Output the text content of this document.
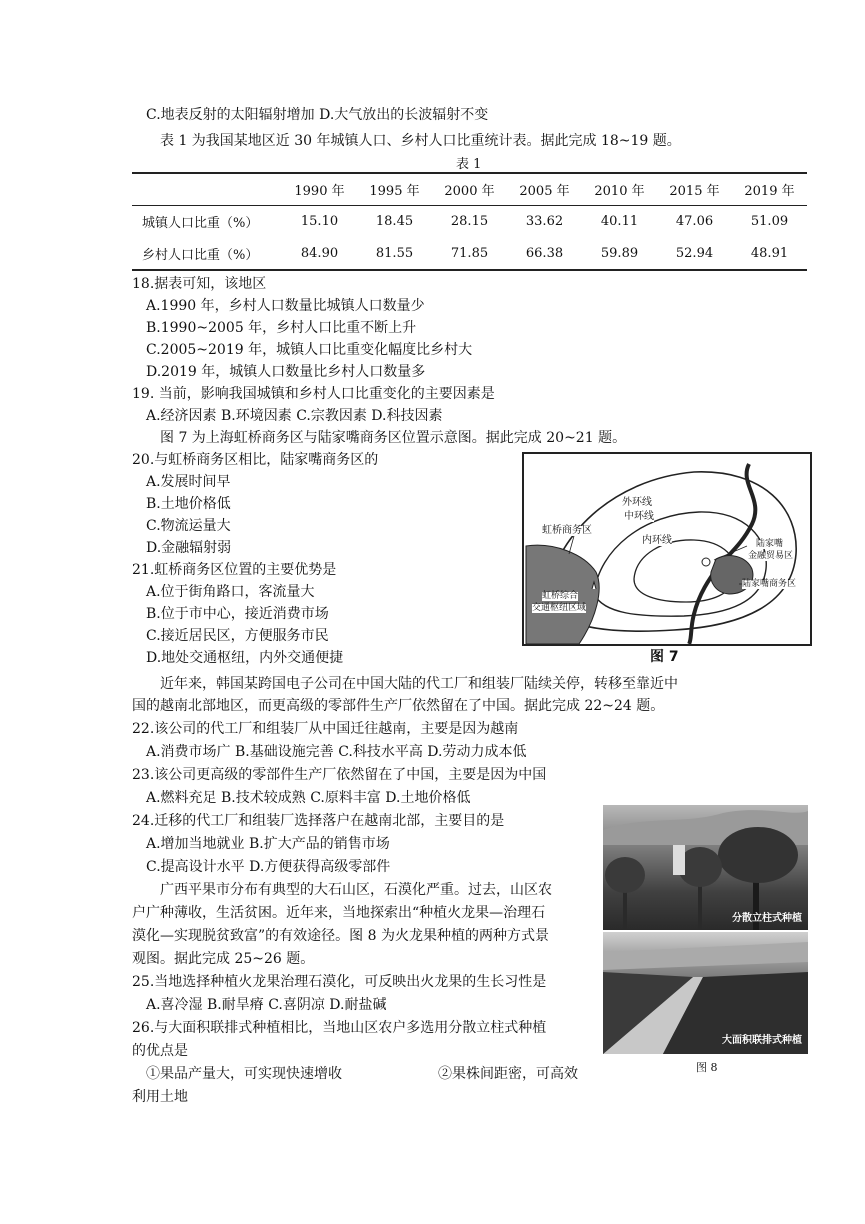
C.地表反射的太阳辐射增加 D.大气放出的长波辐射不变
表 1 为我国某地区近 30 年城镇人口、乡村人口比重统计表。据此完成 18~19 题。
表 1
	1990 年	1995 年	2000 年	2005 年	2010 年	2015 年	2019 年
城镇人口比重（%）	15.10	18.45	28.15	33.62	40.11	47.06	51.09
乡村人口比重（%）	84.90	81.55	71.85	66.38	59.89	52.94	48.91
18.据表可知，该地区
A.1990 年，乡村人口数量比城镇人口数量少
B.1990~2005 年，乡村人口比重不断上升
C.2005~2019 年，城镇人口比重变化幅度比乡村大
D.2019 年，城镇人口数量比乡村人口数量多
19. 当前，影响我国城镇和乡村人口比重变化的主要因素是
A.经济因素 B.环境因素 C.宗教因素 D.科技因素
图 7 为上海虹桥商务区与陆家嘴商务区位置示意图。据此完成 20~21 题。
20.与虹桥商务区相比，陆家嘴商务区的
A.发展时间早
B.土地价格低
C.物流运量大
D.金融辐射弱
21.虹桥商务区位置的主要优势是
A.位于街角路口，客流量大
B.位于市中心，接近消费市场
C.接近居民区，方便服务市民
D.地处交通枢纽，内外交通便捷
外环线
中环线
内环线
虹桥商务区
虹桥综合
交通枢纽区域
陆家嘴
金融贸易区
陆家嘴商务区
图 7
近年来，韩国某跨国电子公司在中国大陆的代工厂和组装厂陆续关停，转移至靠近中
国的越南北部地区，而更高级的零部件生产厂依然留在了中国。据此完成 22~24 题。
22.该公司的代工厂和组装厂从中国迁往越南，主要是因为越南
A.消费市场广 B.基础设施完善 C.科技水平高 D.劳动力成本低
23.该公司更高级的零部件生产厂依然留在了中国，主要是因为中国
A.燃料充足 B.技术较成熟 C.原料丰富 D.土地价格低
24.迁移的代工厂和组装厂选择落户在越南北部，主要目的是
A.增加当地就业 B.扩大产品的销售市场
C.提高设计水平 D.方便获得高级零部件
广西平果市分布有典型的大石山区，石漠化严重。过去，山区农
户广种薄收，生活贫困。近年来，当地探索出“种植火龙果—治理石
漠化—实现脱贫致富”的有效途径。图 8 为火龙果种植的两种方式景
观图。据此完成 25~26 题。
25.当地选择种植火龙果治理石漠化，可反映出火龙果的生长习性是
A.喜冷湿 B.耐旱瘠 C.喜阴凉 D.耐盐碱
26.与大面积联排式种植相比，当地山区农户多选用分散立柱式种植
的优点是
①果品产量大，可实现快速增收	②果株间距密，可高效
利用土地
分散立柱式种植
大面积联排式种植
图 8
